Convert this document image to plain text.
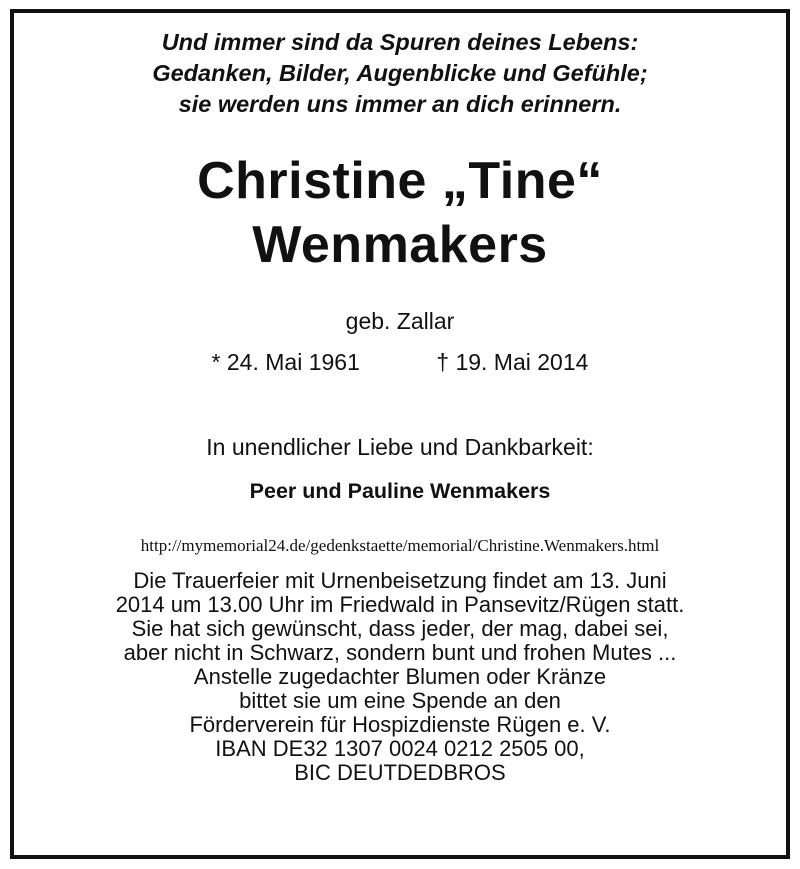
Und immer sind da Spuren deines Lebens:
Gedanken, Bilder, Augenblicke und Gefühle;
sie werden uns immer an dich erinnern.
Christine „Tine“
Wenmakers
geb. Zallar
* 24. Mai 1961	† 19. Mai 2014
In unendlicher Liebe und Dankbarkeit:
Peer und Pauline Wenmakers
http://mymemorial24.de/gedenkstaette/memorial/Christine.Wenmakers.html
Die Trauerfeier mit Urnenbeisetzung findet am 13. Juni
2014 um 13.00 Uhr im Friedwald in Pansevitz/Rügen statt.
Sie hat sich gewünscht, dass jeder, der mag, dabei sei,
aber nicht in Schwarz, sondern bunt und frohen Mutes ...
Anstelle zugedachter Blumen oder Kränze
bittet sie um eine Spende an den
Förderverein für Hospizdienste Rügen e. V.
IBAN DE32 1307 0024 0212 2505 00,
BIC DEUTDEDBROS
